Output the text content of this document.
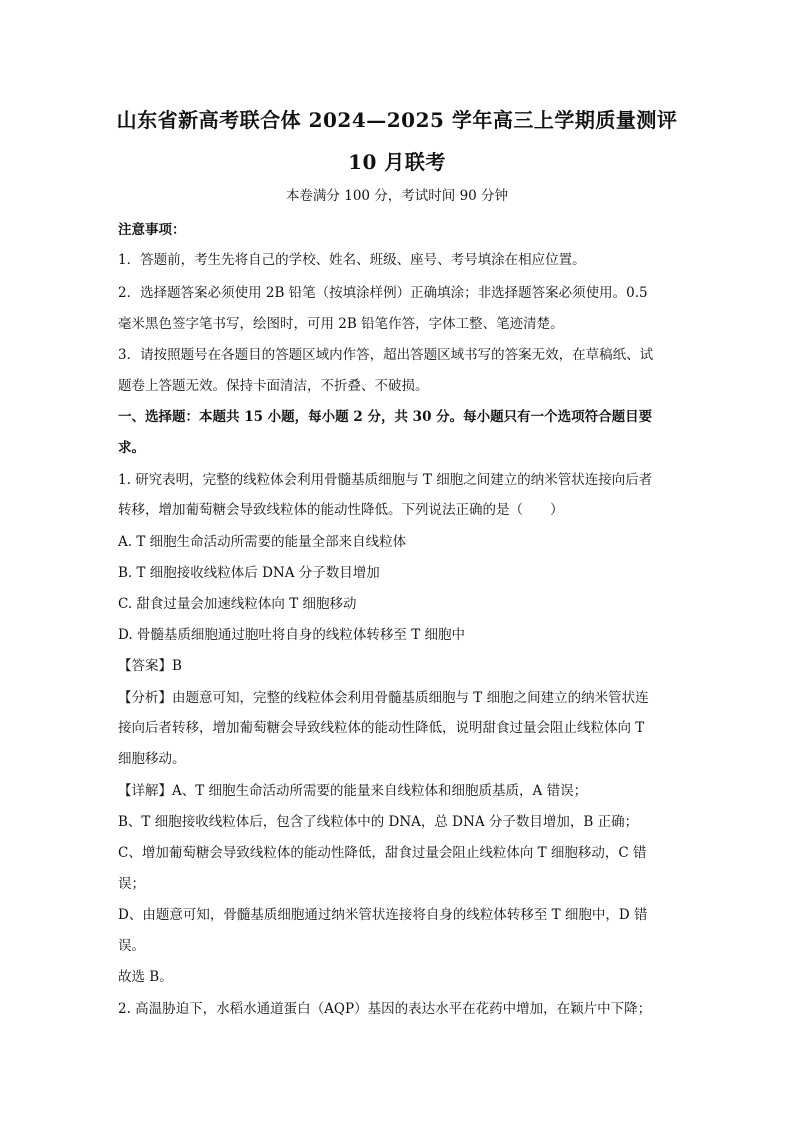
山东省新高考联合体 2024—2025 学年高三上学期质量测评
10 月联考
本卷满分 100 分，考试时间 90 分钟
注意事项：
1．答题前，考生先将自己的学校、姓名、班级、座号、考号填涂在相应位置。
2．选择题答案必须使用 2B 铅笔（按填涂样例）正确填涂；非选择题答案必须使用。0.5
毫米黑色签字笔书写，绘图时，可用 2B 铅笔作答，字体工整、笔迹清楚。
3．请按照题号在各题目的答题区域内作答，超出答题区域书写的答案无效，在草稿纸、试
题卷上答题无效。保持卡面清洁，不折叠、不破损。
一、选择题：本题共 15 小题，每小题 2 分，共 30 分。每小题只有一个选项符合题目要
求。
1. 研究表明，完整的线粒体会利用骨髓基质细胞与 T 细胞之间建立的纳米管状连接向后者
转移，增加葡萄糖会导致线粒体的能动性降低。下列说法正确的是（　　）
A. T 细胞生命活动所需要的能量全部来自线粒体
B. T 细胞接收线粒体后 DNA 分子数目增加
C. 甜食过量会加速线粒体向 T 细胞移动
D. 骨髓基质细胞通过胞吐将自身的线粒体转移至 T 细胞中
【答案】B
【分析】由题意可知，完整的线粒体会利用骨髓基质细胞与 T 细胞之间建立的纳米管状连
接向后者转移，增加葡萄糖会导致线粒体的能动性降低，说明甜食过量会阻止线粒体向 T
细胞移动。
【详解】A、T 细胞生命活动所需要的能量来自线粒体和细胞质基质，A 错误；
B、T 细胞接收线粒体后，包含了线粒体中的 DNA，总 DNA 分子数目增加，B 正确；
C、增加葡萄糖会导致线粒体的能动性降低，甜食过量会阻止线粒体向 T 细胞移动，C 错
误；
D、由题意可知，骨髓基质细胞通过纳米管状连接将自身的线粒体转移至 T 细胞中，D 错
误。
故选 B。
2. 高温胁迫下，水稻水通道蛋白（AQP）基因的表达水平在花药中增加，在颖片中下降；
